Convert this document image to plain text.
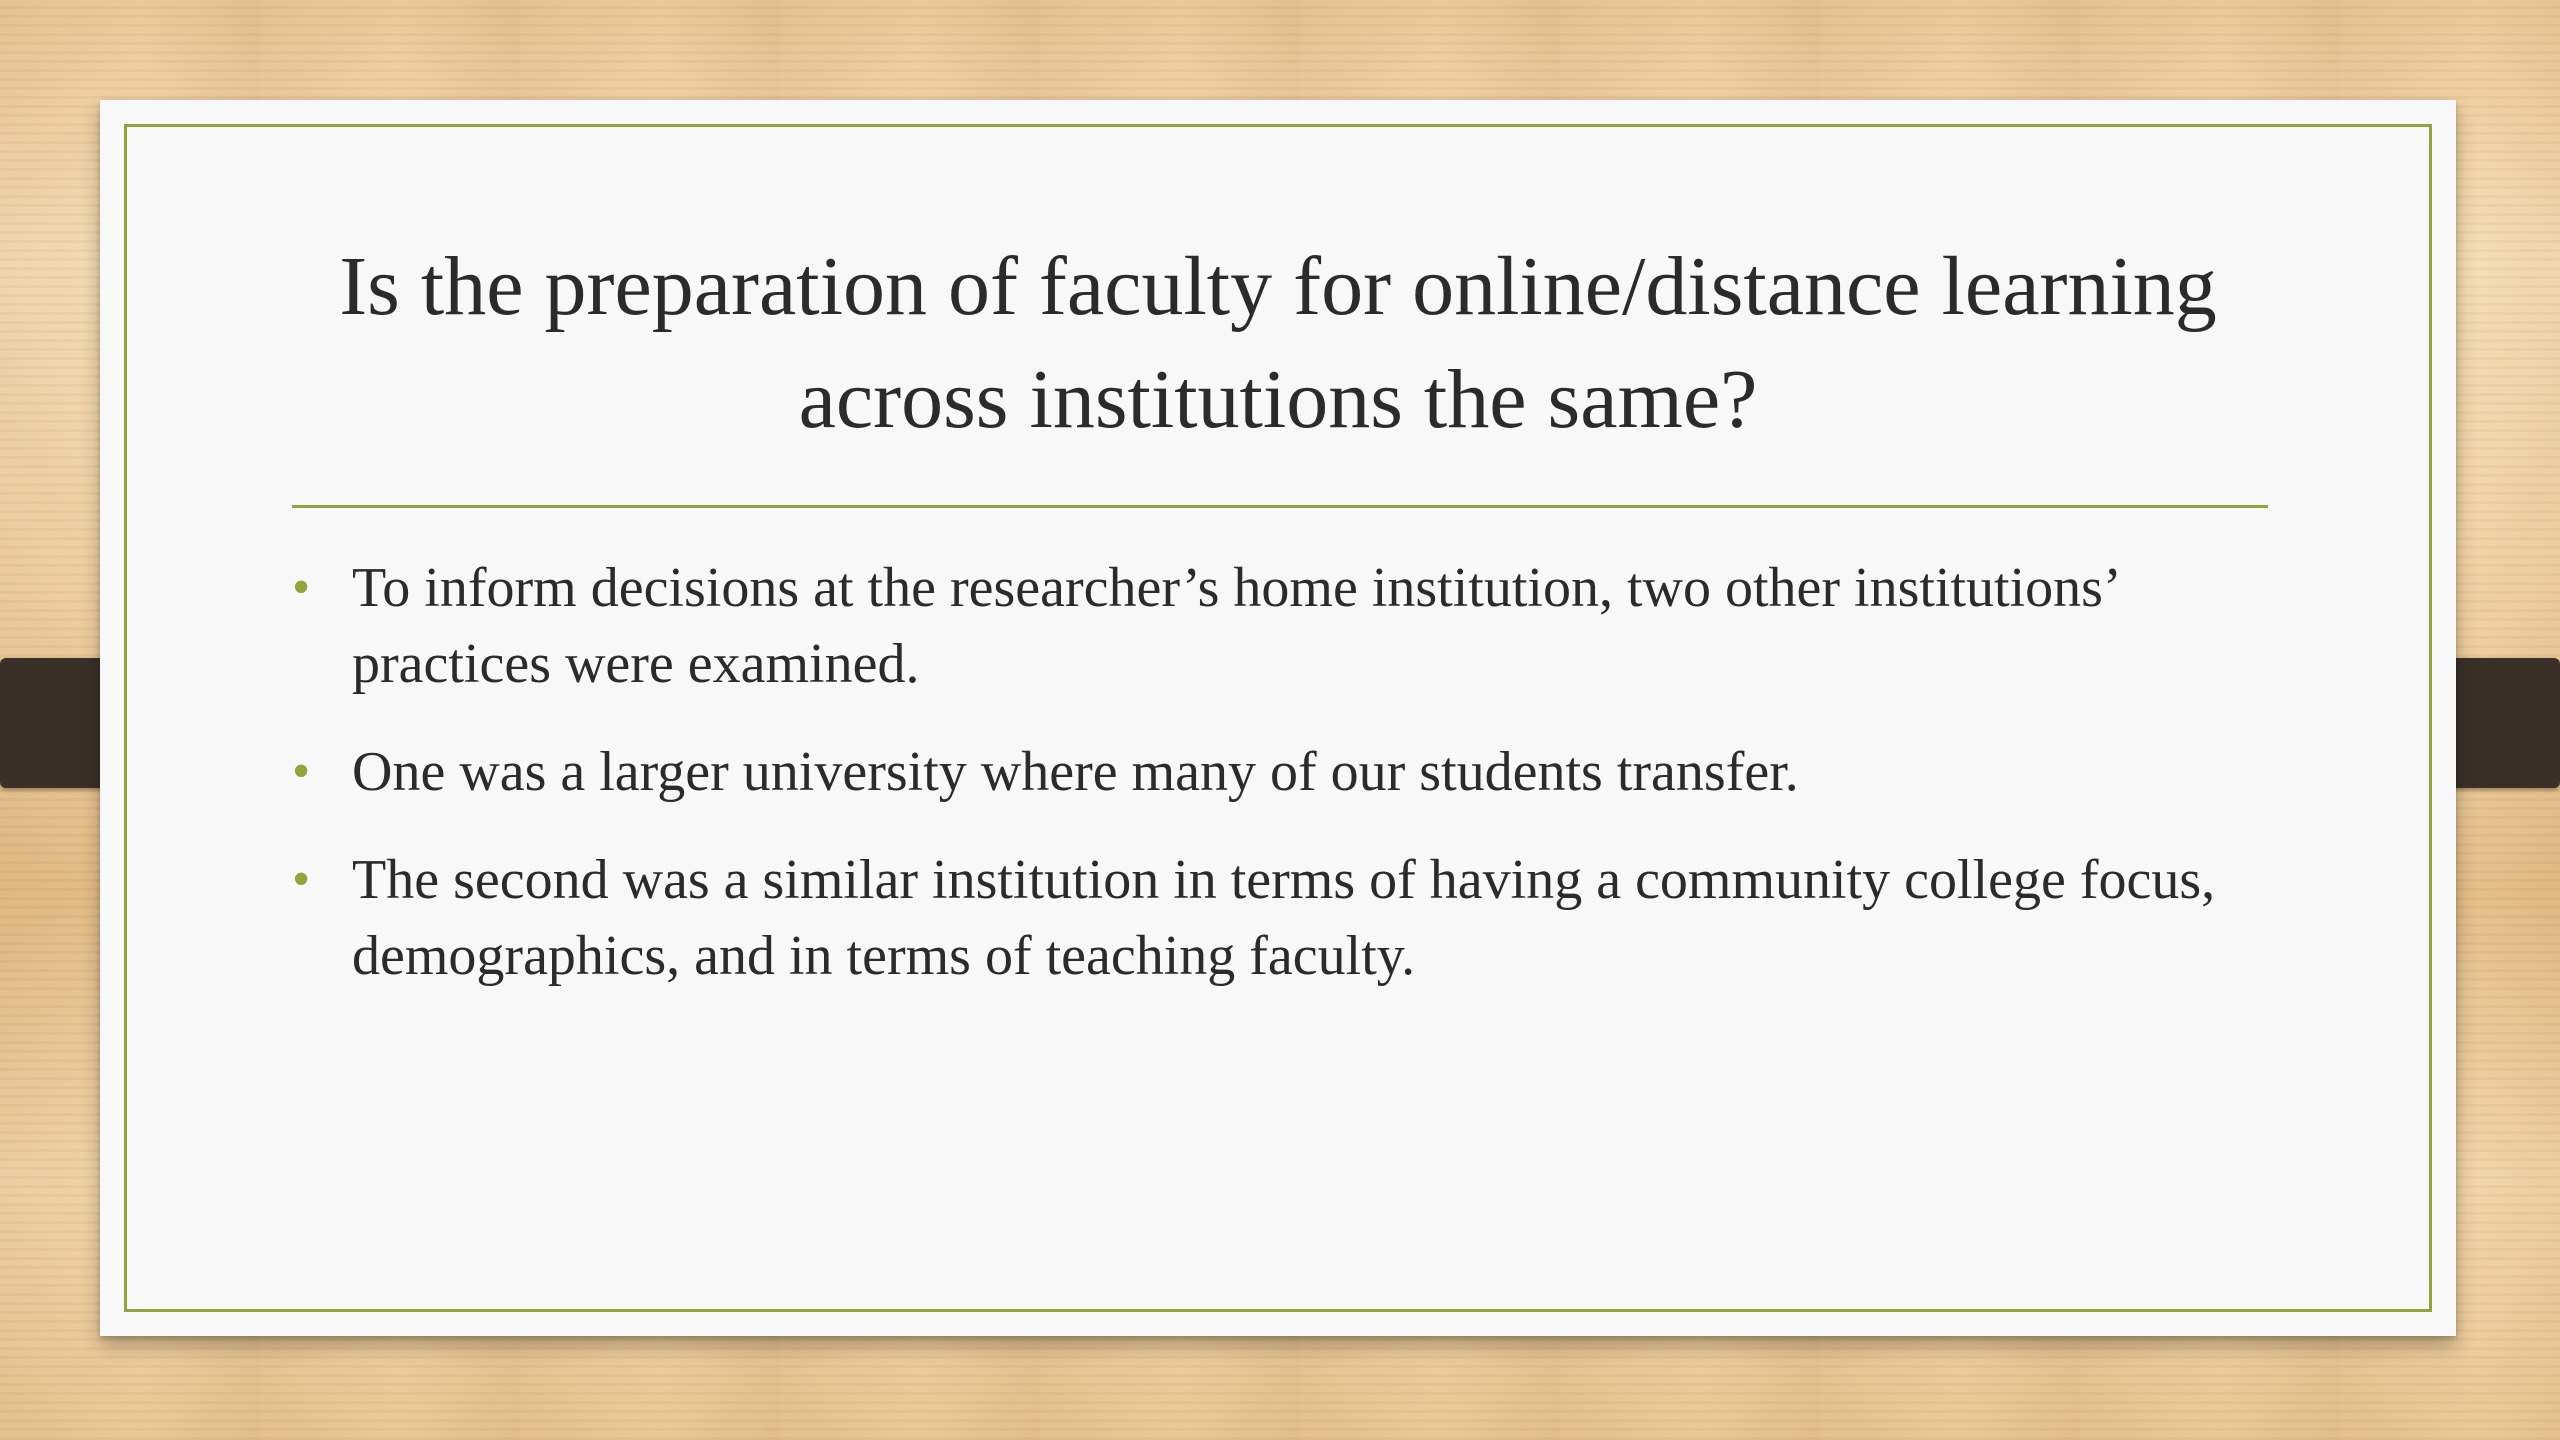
Is the preparation of faculty for online/distance learning across institutions the same?
• To inform decisions at the researcher’s home institution, two other institutions’ practices were examined.
• One was a larger university where many of our students transfer.
• The second was a similar institution in terms of having a community college focus, demographics, and in terms of teaching faculty.
